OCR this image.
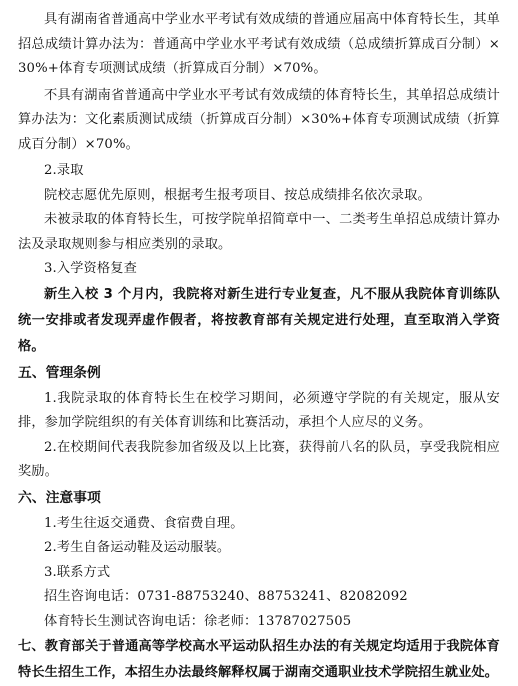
具有湖南省普通高中学业水平考试有效成绩的普通应届高中体育特长生，其单招总成绩计算办法为：普通高中学业水平考试有效成绩（总成绩折算成百分制）×30%+体育专项测试成绩（折算成百分制）×70%。

不具有湖南省普通高中学业水平考试有效成绩的体育特长生，其单招总成绩计算办法为：文化素质测试成绩（折算成百分制）×30%+体育专项测试成绩（折算成百分制）×70%。

2.录取

院校志愿优先原则，根据考生报考项目、按总成绩排名依次录取。

未被录取的体育特长生，可按学院单招简章中一、二类考生单招总成绩计算办法及录取规则参与相应类别的录取。

3.入学资格复查

新生入校 3 个月内，我院将对新生进行专业复查，凡不服从我院体育训练队统一安排或者发现弄虚作假者，将按教育部有关规定进行处理，直至取消入学资格。

五、管理条例

1.我院录取的体育特长生在校学习期间，必须遵守学院的有关规定，服从安排，参加学院组织的有关体育训练和比赛活动，承担个人应尽的义务。

2.在校期间代表我院参加省级及以上比赛，获得前八名的队员，享受我院相应奖励。

六、注意事项

1.考生往返交通费、食宿费自理。

2.考生自备运动鞋及运动服装。

3.联系方式

招生咨询电话：0731-88753240、88753241、82082092

体育特长生测试咨询电话：徐老师：13787027505

七、教育部关于普通高等学校高水平运动队招生办法的有关规定均适用于我院体育特长生招生工作，本招生办法最终解释权属于湖南交通职业技术学院招生就业处。
